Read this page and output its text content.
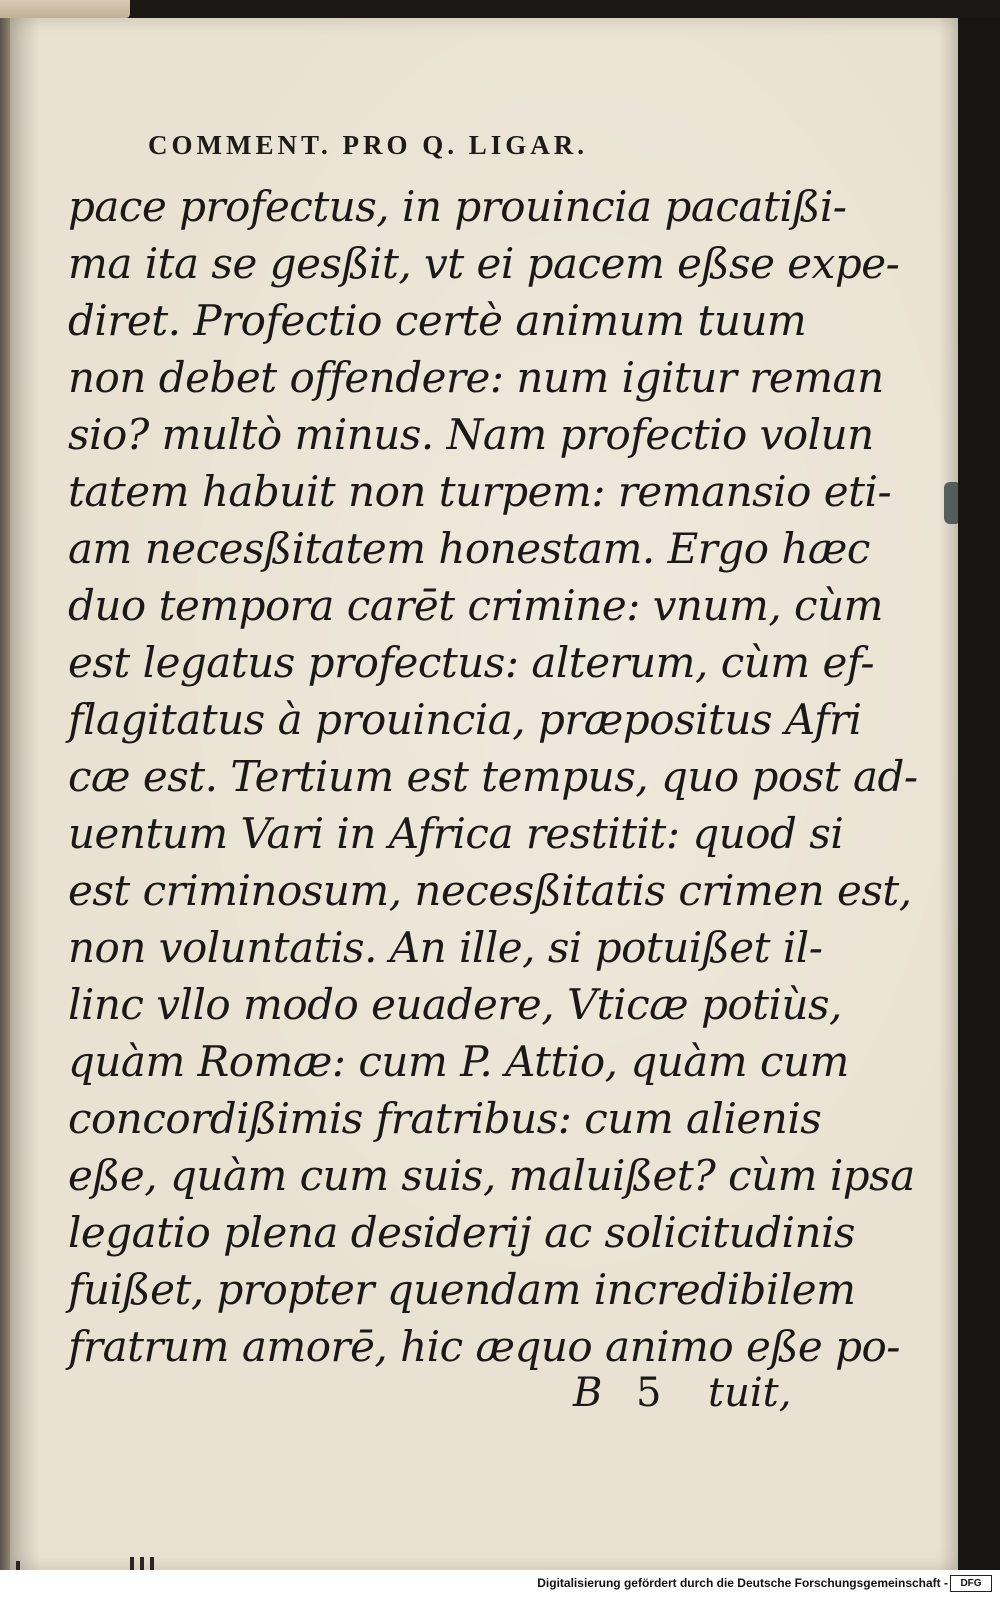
COMMENT. PRO Q. LIGAR.
pace profectus, in prouincia pacatißi-
ma ita se gesßit, vt ei pacem eßse expe-
diret. Profectio certè animum tuum
non debet offendere: num igitur reman
sio? multò minus. Nam profectio volun
tatem habuit non turpem: remansio eti-
am necesßitatem honestam. Ergo hæc
duo tempora carēt crimine: vnum, cùm
est legatus profectus: alterum, cùm ef-
flagitatus à prouincia, præpositus Afri
cæ est. Tertium est tempus, quo post ad-
uentum Vari in Africa restitit: quod si
est criminosum, necesßitatis crimen est,
non voluntatis. An ille, si potuißet il-
linc vllo modo euadere, Vticæ potiùs,
quàm Romæ: cum P. Attio, quàm cum
concordißimis fratribus: cum alienis
eße, quàm cum suis, maluißet? cùm ipsa
legatio plena desiderij ac solicitudinis
fuißet, propter quendam incredibilem
fratrum amorē, hic æquo animo eße po-
B 5 tuit,
Digitalisierung gefördert durch die Deutsche Forschungsgemeinschaft -	DFG
